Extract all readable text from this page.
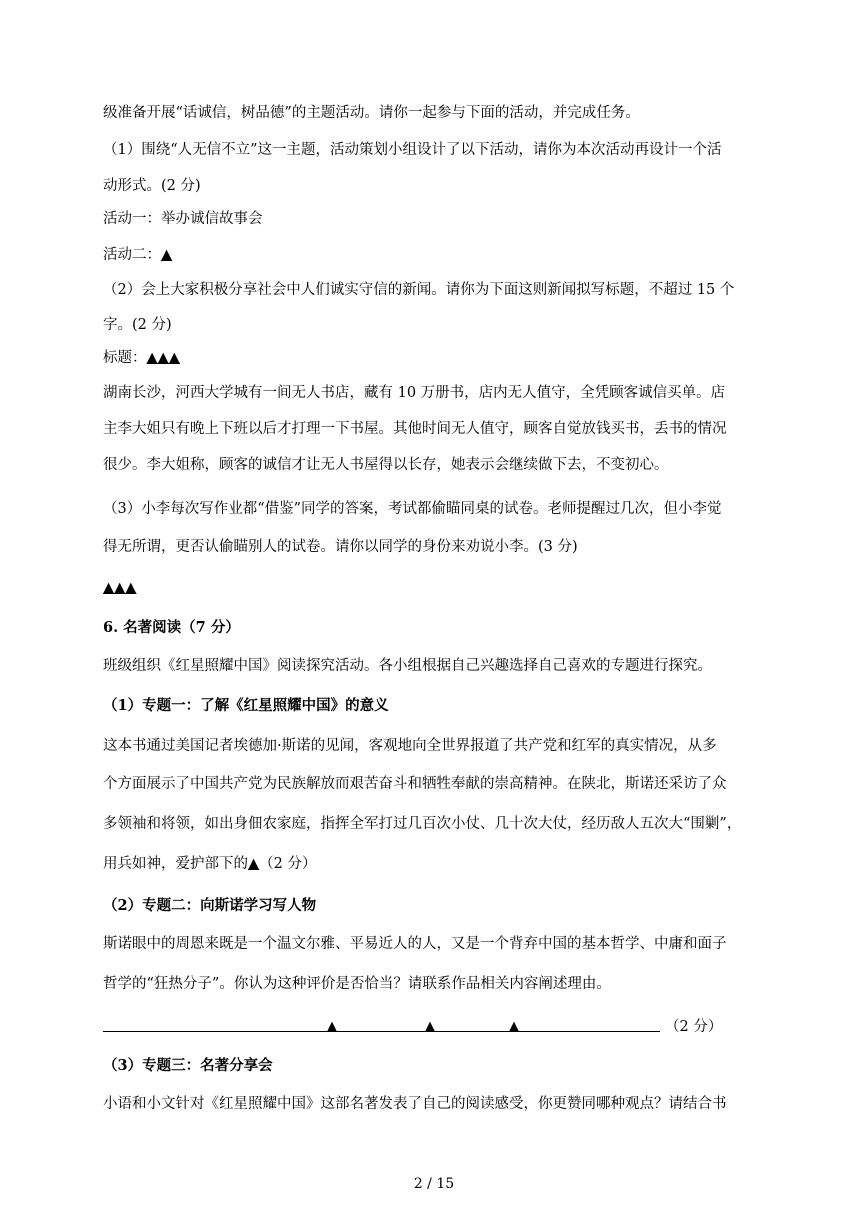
级准备开展“话诚信，树品德”的主题活动。请你一起参与下面的活动，并完成任务。
（1）围绕“人无信不立”这一主题，活动策划小组设计了以下活动，请你为本次活动再设计一个活
动形式。(2 分)
活动一：举办诚信故事会
活动二：▲
（2）会上大家积极分享社会中人们诚实守信的新闻。请你为下面这则新闻拟写标题，不超过 15 个
字。(2 分)
标题：▲▲▲
湖南长沙，河西大学城有一间无人书店，藏有 10 万册书，店内无人值守，全凭顾客诚信买单。店
主李大姐只有晚上下班以后才打理一下书屋。其他时间无人值守，顾客自觉放钱买书，丢书的情况
很少。李大姐称，顾客的诚信才让无人书屋得以长存，她表示会继续做下去，不变初心。
（3）小李每次写作业都“借鉴”同学的答案，考试都偷瞄同桌的试卷。老师提醒过几次，但小李觉
得无所谓，更否认偷瞄别人的试卷。请你以同学的身份来劝说小李。(3 分)
▲▲▲
6. 名著阅读（7 分）
班级组织《红星照耀中国》阅读探究活动。各小组根据自己兴趣选择自己喜欢的专题进行探究。
（1）专题一：了解《红星照耀中国》的意义
这本书通过美国记者埃德加·斯诺的见闻，客观地向全世界报道了共产党和红军的真实情况，从多
个方面展示了中国共产党为民族解放而艰苦奋斗和牺牲奉献的崇高精神。在陕北，斯诺还采访了众
多领袖和将领，如出身佃农家庭，指挥全军打过几百次小仗、几十次大仗，经历敌人五次大“围剿”，
用兵如神，爱护部下的▲（2 分）
（2）专题二：向斯诺学习写人物
斯诺眼中的周恩来既是一个温文尔雅、平易近人的人，又是一个背弃中国的基本哲学、中庸和面子
哲学的“狂热分子”。你认为这种评价是否恰当？请联系作品相关内容阐述理由。
▲	▲	▲	（2 分）
（3）专题三：名著分享会
小语和小文针对《红星照耀中国》这部名著发表了自己的阅读感受，你更赞同哪种观点？请结合书
2 / 15
